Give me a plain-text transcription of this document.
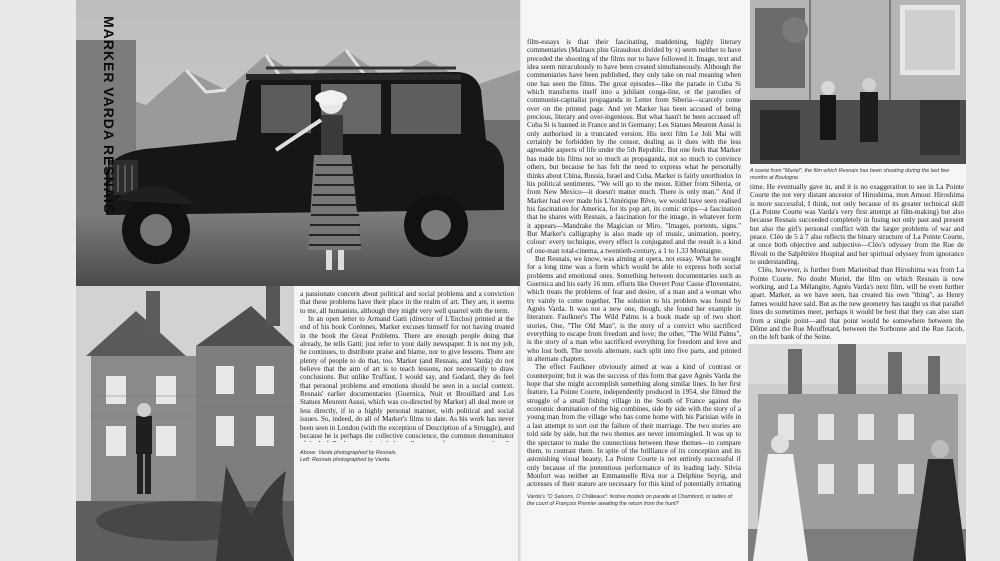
MARKER VARDA RESNAIS

a passionate concern about political and social problems and a conviction that these problems have their place in the realm of art. They are, it seems to me, all humanists, although they might very well quarrel with the term.

In an open letter to Armand Gatti (director of L'Enclos) printed at the end of his book Corénnes, Marker excuses himself for not having treated in the book the Great Problems. There are enough people doing that already, he tells Gatti: just refer to your daily newspaper. It is not my job, he continues, to distribute praise and blame, nor to give lessons. There are plenty of people to do that, too. Marker (and Resnais, and Varda) do not believe that the aim of art is to teach lessons, nor necessarily to draw conclusions. But unlike Truffaut, I would say, and Godard, they do feel that personal problems and emotions should be seen in a social context. Resnais' earlier documentaries (Guernica, Nuit et Brouillard and Les Statues Meurent Aussi, which was co-directed by Marker) all deal more or less directly, if in a highly personal manner, with political and social issues. So, indeed, do all of Marker's films to date. As his work has never been seen in London (with the exception of Description of a Struggle), and because he is perhaps the collective conscience, the common denominator

Above: Varda photographed by Resnais.
Left: Resnais photographed by Varda.

film-essays is that their fascinating, maddening, highly literary commentaries (Malraux plus Giraudoux divided by x) seem neither to have preceded the shooting of the films nor to have followed it. Image, text and idea seem miraculously to have been created simultaneously. Although the commentaries have been published, they only take on real meaning when one has seen the films. The great episodes—like the parade in Cuba Si which transforms itself into a jubilant conga-line, or the parodies of communist-capitalist propaganda in Letter from Siberia—scarcely come over on the printed page. And yet Marker has been accused of being precious, literary and over-ingenious. But what hasn't he been accused of! Cuba Si is banned in France and in Germany; Les Statues Meurent Aussi is only authorised in a truncated version. His next film Le Joli Mai will certainly be forbidden by the censor, dealing as it does with the less agreeable aspects of life under the 5th Republic. But one feels that Marker has made his films not so much as propaganda, not so much to convince others, but because he has felt the need to express what he personally thinks about China, Russia, Israel and Cuba. Marker is fairly unorthodox in his political sentiments. "We will go to the moon. Either from Siberia, or from New Mexico—it doesn't matter much. There is only man." And if Marker had ever made his L'Amérique Rêve, we would have seen realised his fascination for America, for its pop art, its comic strips—a fascination that he shares with Resnais, a fascination for the image, in whatever form it appears—Mandrake the Magician or Miro. "Images, portents, signs." But Marker's calligraphy is also made up of music, animation, poetry, colour: every technique, every effect is conjugated and the result is a kind of one-man total-cinema, a twentieth-century, a 1 to 1.33 Montaigne.

But Resnais, we know, was aiming at opera, not essay. What he sought for a long time was a form which would be able to express both social problems and emotional ones. Something between documentaries such as Guernica and his early 16 mm. efforts like Ouvert Pour Cause d'Inventaire, which treats the problems of fear and desire, of a man and a woman who try vainly to come together. The solution to his problem was found by Agnès Varda. It was not a new one, though, she found her example in literature. Faulkner's The Wild Palms is a book made up of two short stories, One, "The Old Man", is the story of a convict who sacrificed everything to escape from freedom and love; the other, "The Wild Palms", is the story of a man who sacrificed everything for freedom and love and who lost both. The novels alternate, each split into five parts, and printed in alternate chapters.

The effect Faulkner obviously aimed at was a kind of contrast or counterpoint; but it was the success of this form that gave Agnès Varda the hope that she might accomplish something along similar lines. In her first feature, La Pointe Courte, independently produced in 1954, she filmed the struggle of a small fishing village in the South of France against the economic domination of the big combines, side by side with the story of a young man from the village who has come home with his Parisian wife in a last attempt to sort out the failure of their marriage. The two stories are told side by side, but the two themes are never intermingled. It was up to the spectator to make the connections between these themes—to compare them, to contrast them. In spite of the brilliance of its conception and its astonishing visual beauty, La Pointe Courte is not entirely successful if only because of the pretentious performance of its leading lady. Silvia Monfort was neither an Emmanuelle Riva nor a Delphine Seyrig, and actresses of their stature are necessary for this kind of potentially irritating

Varda's "O Saisons, O Châteaux": festive models on parade at Chambord, or ladies of the court of François Premier awaiting the return from the hunt?
A scene from "Muriel", the film which Resnais has been shooting during the last few months at Boulogne.

time. He eventually gave in, and it is no exaggeration to see in La Pointe Courte the not very distant ancestor of Hiroshima, mon Amour. Hiroshima is more successful, I think, not only because of its greater technical skill (La Pointe Courte was Varda's very first attempt at film-making) but also because Resnais succeeded completely in fusing not only past and present but also the girl's personal conflict with the larger problems of war and peace. Cléo de 5 à 7 also reflects the binary structure of La Pointe Courte, at once both objective and subjective—Cléo's odyssey from the Rue de Rivoli to the Salpêtrière Hospital and her spiritual odyssey from ignorance to understanding.

Cléo, however, is further from Marienbad than Hiroshima was from La Pointe Courte. No doubt Muriel, the film on which Resnais is now working, and La Mélangite, Agnès Varda's next film, will be even further apart. Marker, as we have seen, has created his own "thing", as Henry James would have said. But as the new geometry has taught us that parallel lines do sometimes meet, perhaps it would be best that they can also start from a single point—and that point would be somewhere between the Dôme and the Rue Mouffetard, between the Sorbonne and the Rue Jacob, on the left bank of the Seine.
